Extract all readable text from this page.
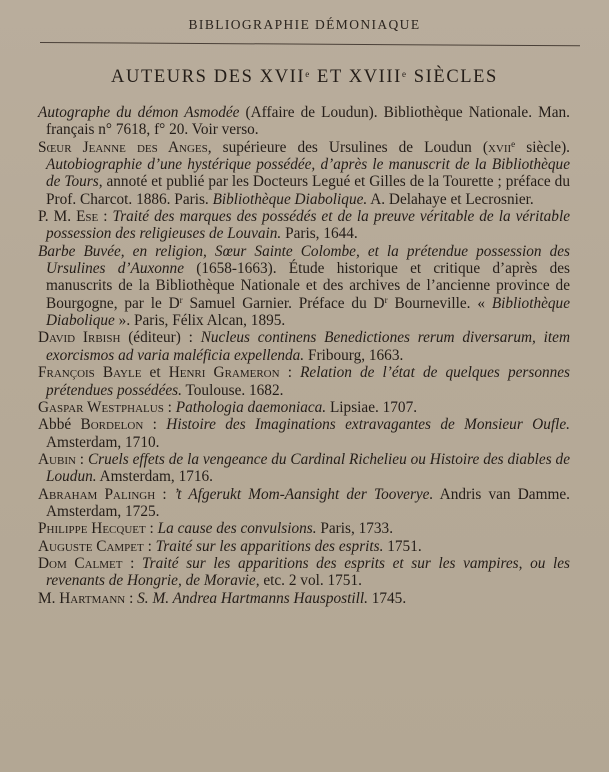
BIBLIOGRAPHIE DÉMONIAQUE
AUTEURS DES XVIIe ET XVIIIe SIÈCLES

Autographe du démon Asmodée (Affaire de Loudun). Bibliothèque Nationale. Man. français n° 7618, f° 20. Voir verso.

Sœur Jeanne des Anges, supérieure des Ursulines de Loudun (xvii$^e$ siècle). Autobiographie d’une hystérique possédée, d’après le manuscrit de la Bibliothèque de Tours, annoté et publié par les Docteurs Legué et Gilles de la Tourette ; préface du Prof. Charcot. 1886. Paris. Bibliothèque Diabolique. A. Delahaye et Lecrosnier.

P. M. Ese : Traité des marques des possédés et de la preuve véritable de la véritable possession des religieuses de Louvain. Paris, 1644.

Barbe Buvée, en religion, Sœur Sainte Colombe, et la prétendue possession des Ursulines d’Auxonne (1658-1663). Étude historique et critique d’après des manuscrits de la Bibliothèque Nationale et des archives de l’ancienne province de Bourgogne, par le $D^r$ Samuel Garnier. Préface du $D^r$ Bourneville. « Bibliothèque Diabolique ». Paris, Félix Alcan, 1895.

David Irbish (éditeur) : Nucleus continens Benedictiones rerum diversarum, item exorcismos ad varia maléficia expellenda. Fribourg, 1663.

François Bayle et Henri Grameron : Relation de l’état de quelques personnes prétendues possédées. Toulouse. 1682.

Gaspar Westphalus : Pathologia daemoniaca. Lipsiae. 1707.

Abbé Bordelon : Histoire des Imaginations extravagantes de Monsieur Oufle. Amsterdam, 1710.

Aubin : Cruels effets de la vengeance du Cardinal Richelieu ou Histoire des diables de Loudun. Amsterdam, 1716.

Abraham Palingh : ’t Afgerukt Mom-Aansight der Tooverye. Andris van Damme. Amsterdam, 1725.

Philippe Hecquet : La cause des convulsions. Paris, 1733.

Auguste Campet : Traité sur les apparitions des esprits. 1751.

Dom Calmet : Traité sur les apparitions des esprits et sur les vampires, ou les revenants de Hongrie, de Moravie, etc. 2 vol. 1751.

M. Hartmann : S. M. Andrea Hartmanns Hauspostill. 1745.
